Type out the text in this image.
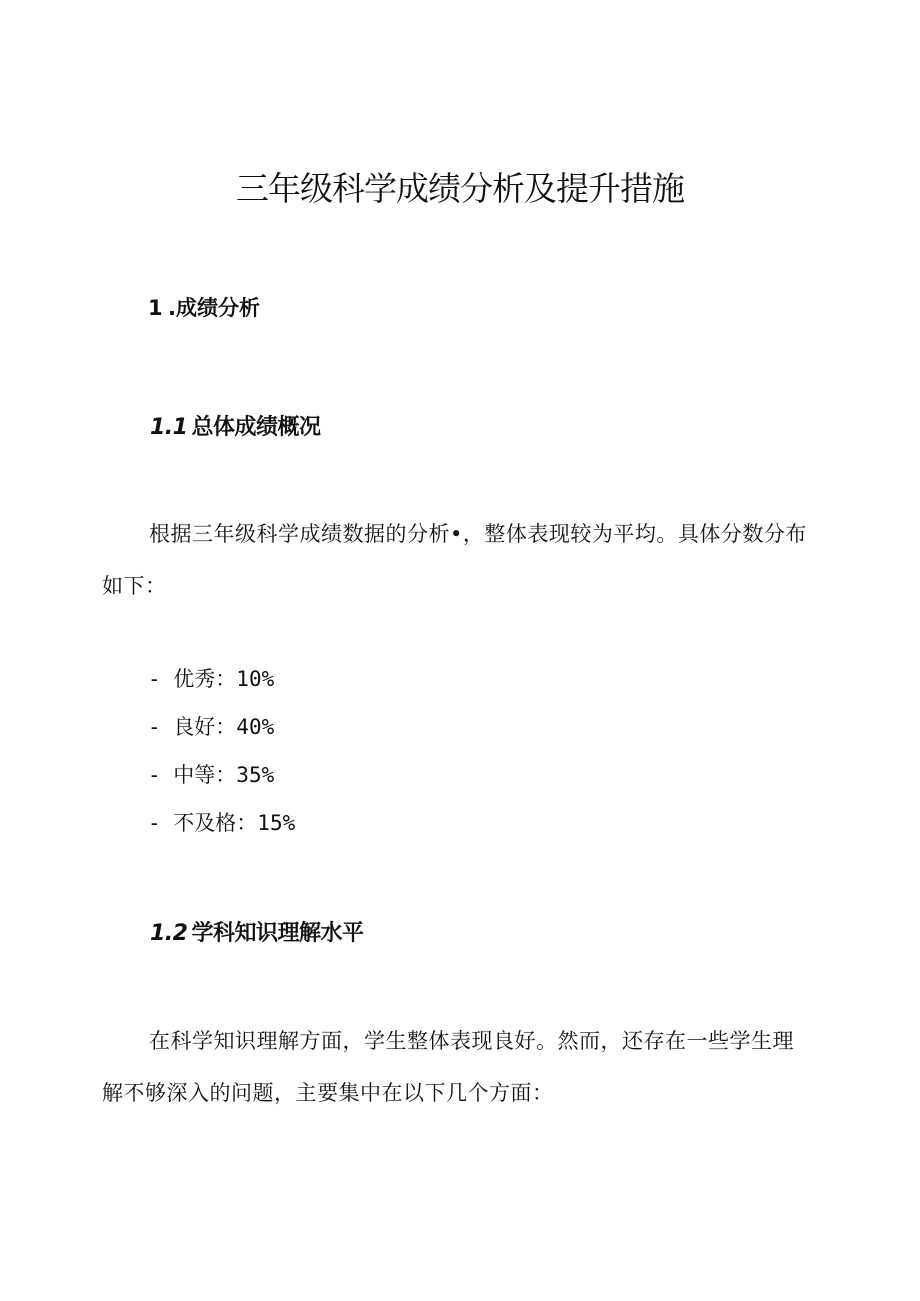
三年级科学成绩分析及提升措施
1 .成绩分析
1.1 总体成绩概况

根据三年级科学成绩数据的分析•，整体表现较为平均。具体分数分布如下：

- 优秀：10%
- 良好：40%
- 中等：35%
- 不及格：15%
1.2 学科知识理解水平

在科学知识理解方面，学生整体表现良好。然而，还存在一些学生理解不够深入的问题，主要集中在以下几个方面：
